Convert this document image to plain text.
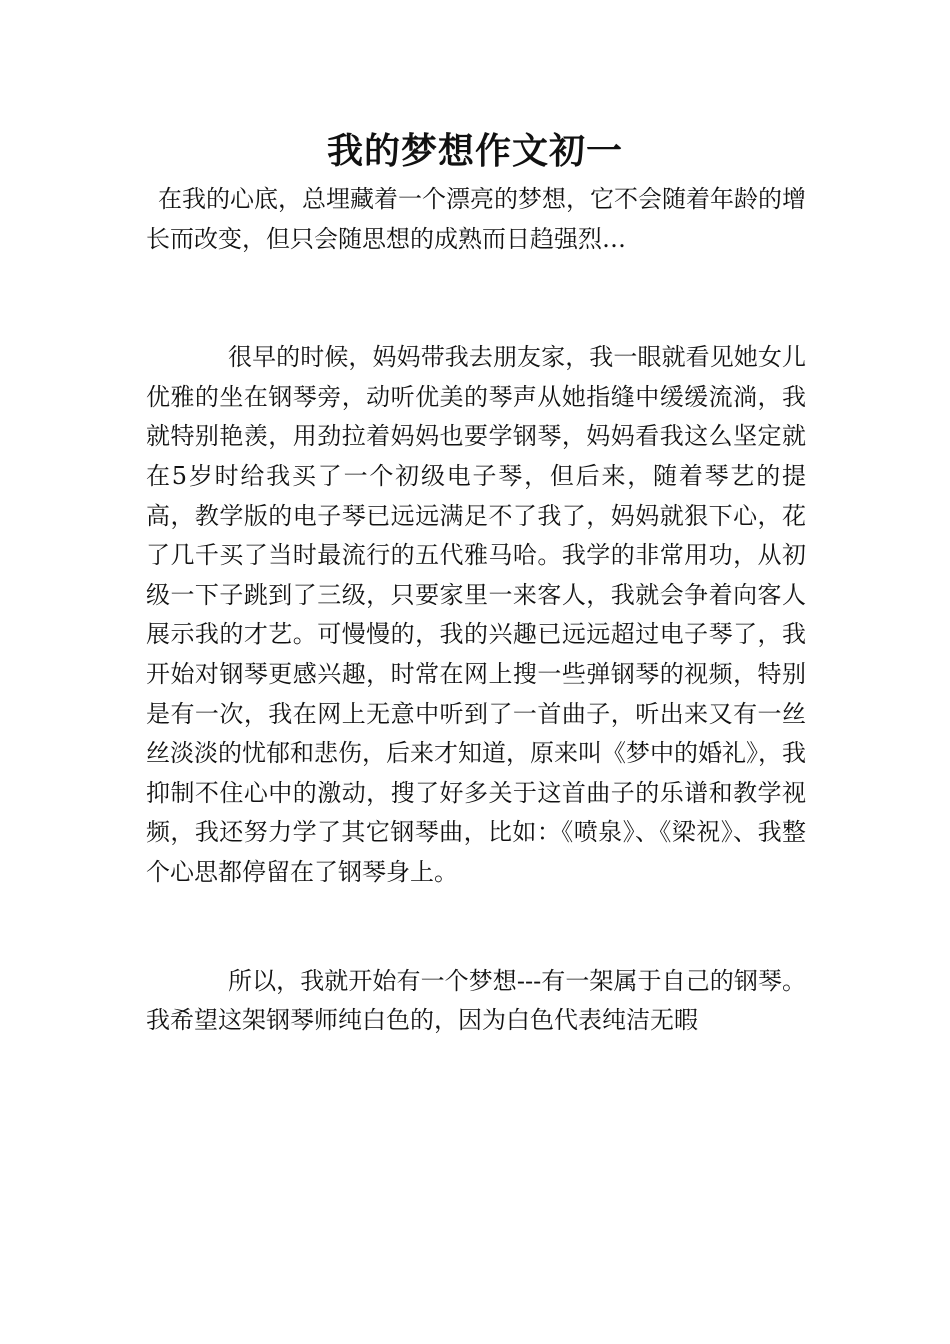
我的梦想作文初一

在我的心底，总埋藏着一个漂亮的梦想，它不会随着年龄的增长而改变，但只会随思想的成熟而日趋强烈…

很早的时候，妈妈带我去朋友家，我一眼就看见她女儿优雅的坐在钢琴旁，动听优美的琴声从她指缝中缓缓流淌，我就特别艳羡，用劲拉着妈妈也要学钢琴，妈妈看我这么坚定就在5岁时给我买了一个初级电子琴，但后来，随着琴艺的提高，教学版的电子琴已远远满足不了我了，妈妈就狠下心，花了几千买了当时最流行的五代雅马哈。我学的非常用功，从初级一下子跳到了三级，只要家里一来客人，我就会争着向客人展示我的才艺。可慢慢的，我的兴趣已远远超过电子琴了，我开始对钢琴更感兴趣，时常在网上搜一些弹钢琴的视频，特别是有一次，我在网上无意中听到了一首曲子，听出来又有一丝丝淡淡的忧郁和悲伤，后来才知道，原来叫《梦中的婚礼》，我抑制不住心中的激动，搜了好多关于这首曲子的乐谱和教学视频，我还努力学了其它钢琴曲，比如：《喷泉》、《梁祝》、我整个心思都停留在了钢琴身上。

所以，我就开始有一个梦想---有一架属于自己的钢琴。我希望这架钢琴师纯白色的，因为白色代表纯洁无暇
